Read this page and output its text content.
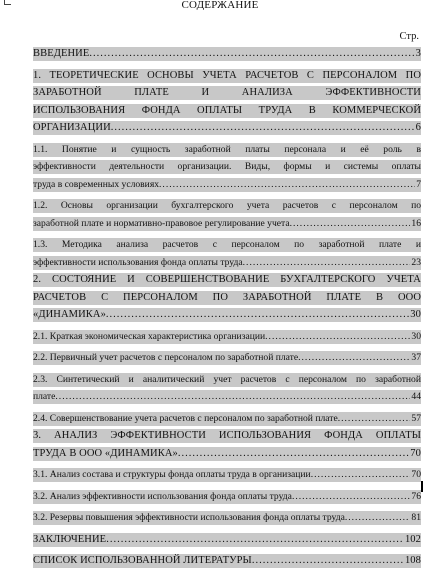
СОДЕРЖАНИЕ
Стр.
ВВЕДЕНИЕ .....	3
1. ТЕОРЕТИЧЕСКИЕ ОСНОВЫ УЧЕТА РАСЧЕТОВ С ПЕРСОНАЛОМ ПО
ЗАРАБОТНОЙ ПЛАТЕ И АНАЛИЗА ЭФФЕКТИВНОСТИ
ИСПОЛЬЗОВАНИЯ ФОНДА ОПЛАТЫ ТРУДА В КОММЕРЧЕСКОЙ
ОРГАНИЗАЦИИ .....	6
1.1. Понятие и сущность заработной платы персонала и её роль в
эффективности деятельности организации. Виды, формы и системы оплаты
труда в современных условиях .....	7
1.2. Основы организации бухгалтерского учета расчетов с персоналом по
заработной плате и нормативно-правовое регулирование учета .....	16
1.3. Методика анализа расчетов с персоналом по заработной плате и
эффективности использования фонда оплаты труда .....	23
2. СОСТОЯНИЕ И СОВЕРШЕНСТВОВАНИЕ БУХГАЛТЕРСКОГО УЧЕТА
РАСЧЕТОВ С ПЕРСОНАЛОМ ПО ЗАРАБОТНОЙ ПЛАТЕ В ООО
«ДИНАМИКА» .....	30
2.1. Краткая экономическая характеристика организации .....	30
2.2. Первичный учет расчетов с персоналом по заработной плате .....	37
2.3. Синтетический и аналитический учет расчетов с персоналом по заработной
плате .....	44
2.4. Совершенствование учета расчетов с персоналом по заработной плате .....	57
3. АНАЛИЗ ЭФФЕКТИВНОСТИ ИСПОЛЬЗОВАНИЯ ФОНДА ОПЛАТЫ
ТРУДА В ООО «ДИНАМИКА» .....	70
3.1. Анализ состава и структуры фонда оплаты труда в организации .....	70
3.2. Анализ эффективности использования фонда оплаты труда .....	76
3.2. Резервы повышения эффективности использования фонда оплаты труда .....	81
ЗАКЛЮЧЕНИЕ .....	102
СПИСОК ИСПОЛЬЗОВАННОЙ ЛИТЕРАТУРЫ .....	108
